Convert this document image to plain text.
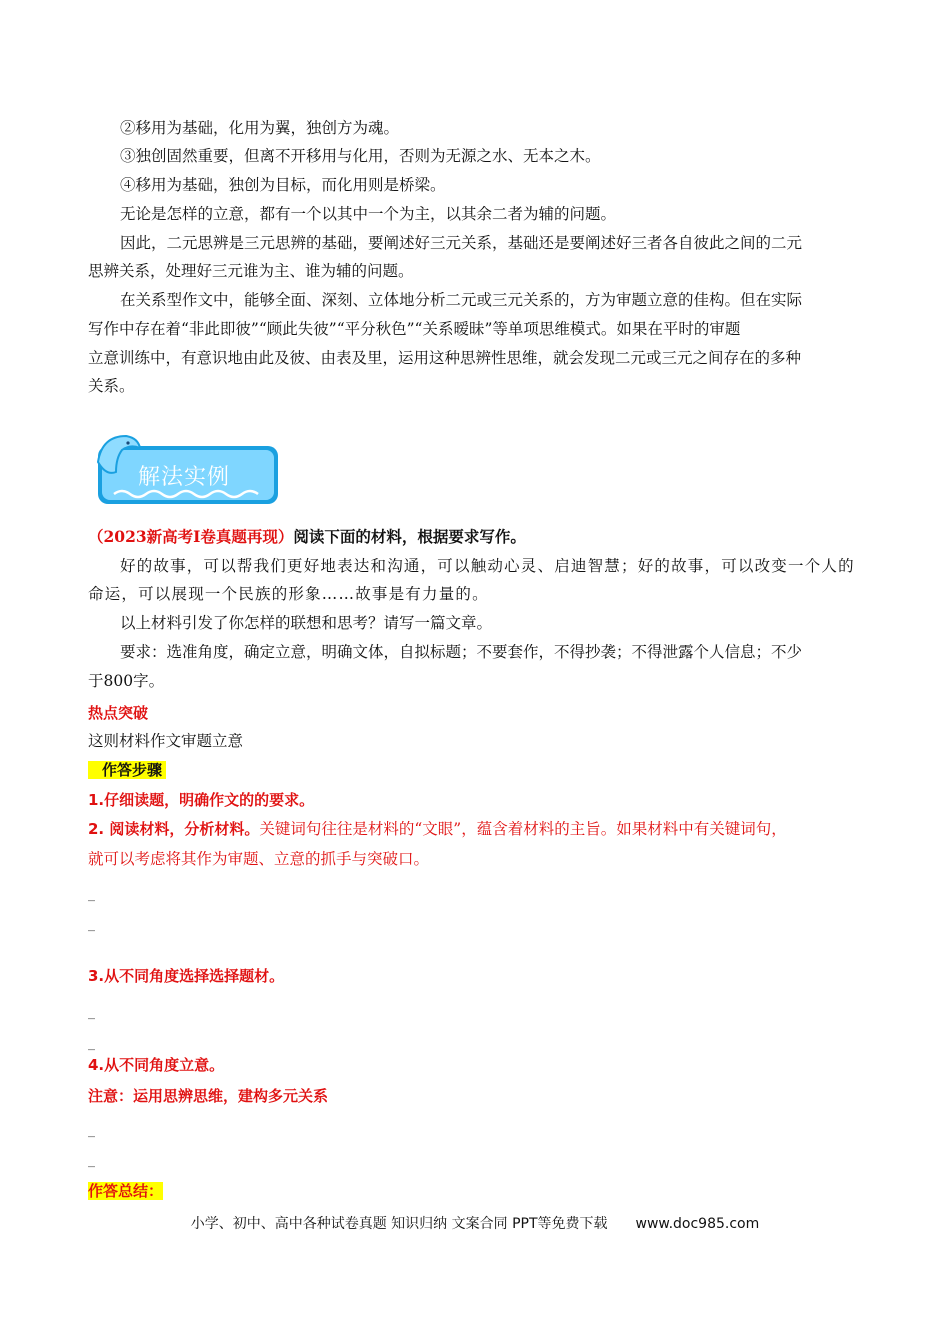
②移用为基础，化用为翼，独创方为魂。
③独创固然重要，但离不开移用与化用，否则为无源之水、无本之木。
④移用为基础，独创为目标，而化用则是桥梁。
无论是怎样的立意，都有一个以其中一个为主，以其余二者为辅的问题。
因此，二元思辨是三元思辨的基础，要阐述好三元关系，基础还是要阐述好三者各自彼此之间的二元
思辨关系，处理好三元谁为主、谁为辅的问题。
在关系型作文中，能够全面、深刻、立体地分析二元或三元关系的，方为审题立意的佳构。但在实际
写作中存在着“非此即彼”“顾此失彼”“平分秋色”“关系暧昧”等单项思维模式。如果在平时的审题
立意训练中，有意识地由此及彼、由表及里，运用这种思辨性思维，就会发现二元或三元之间存在的多种
关系。
解法实例
（2023新高考Ⅰ卷真题再现）阅读下面的材料，根据要求写作。
好的故事，可以帮我们更好地表达和沟通，可以触动心灵、启迪智慧；好的故事，可以改变一个人的
命运，可以展现一个民族的形象……故事是有力量的。
以上材料引发了你怎样的联想和思考？请写一篇文章。
要求：选准角度，确定立意，明确文体，自拟标题；不要套作，不得抄袭；不得泄露个人信息；不少
于800字。
热点突破
这则材料作文审题立意
作答步骤
1.仔细读题，明确作文的的要求。
2. 阅读材料，分析材料。关键词句往往是材料的“文眼”，蕴含着材料的主旨。如果材料中有关键词句，
就可以考虑将其作为审题、立意的抓手与突破口。
_
_
3.从不同角度选择选择题材。
_
_
4.从不同角度立意。
注意：运用思辨思维，建构多元关系
_
_
作答总结：
小学、初中、高中各种试卷真题 知识归纳 文案合同 PPT等免费下载 www.doc985.com
